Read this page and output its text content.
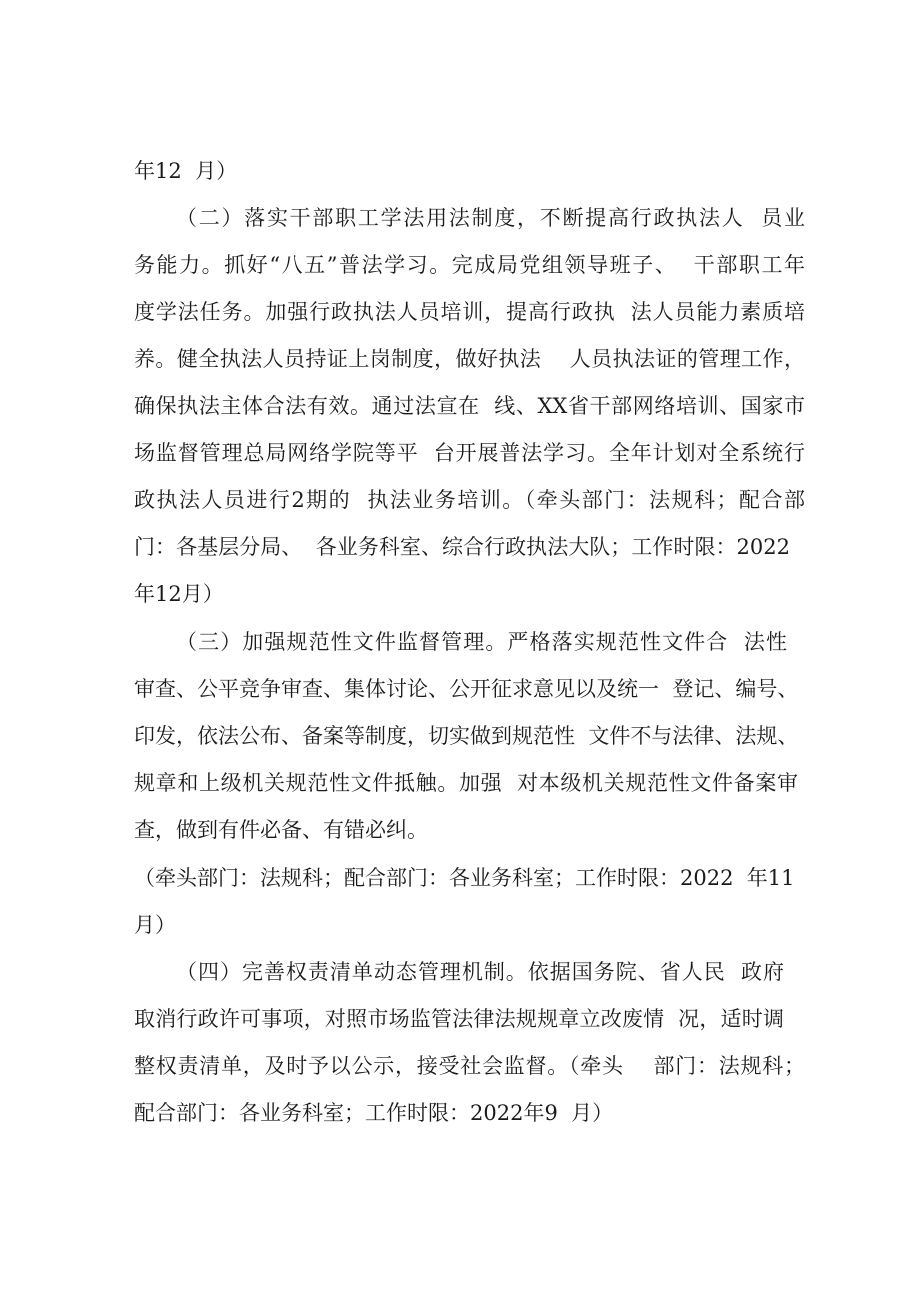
年12  月）
（二）落实干部职工学法用法制度，不断提高行政执法人  员业
务能力。抓好“八五”普法学习。完成局党组领导班子、  干部职工年
度学法任务。加强行政执法人员培训，提高行政执  法人员能力素质培
养。健全执法人员持证上岗制度，做好执法    人员执法证的管理工作，
确保执法主体合法有效。通过法宣在  线、XX省干部网络培训、国家市
场监督管理总局网络学院等平  台开展普法学习。全年计划对全系统行
政执法人员进行2期的  执法业务培训。（牵头部门：法规科；配合部
门：各基层分局、  各业务科室、综合行政执法大队；工作时限：2022
年12月）
（三）加强规范性文件监督管理。严格落实规范性文件合  法性
审查、公平竞争审查、集体讨论、公开征求意见以及统一  登记、编号、
印发，依法公布、备案等制度，切实做到规范性  文件不与法律、法规、
规章和上级机关规范性文件抵触。加强  对本级机关规范性文件备案审
查，做到有件必备、有错必纠。
（牵头部门：法规科；配合部门：各业务科室；工作时限：2022  年11
月）
（四）完善权责清单动态管理机制。依据国务院、省人民  政府
取消行政许可事项，对照市场监管法律法规规章立改废情  况，适时调
整权责清单，及时予以公示，接受社会监督。（牵头    部门：法规科；
配合部门：各业务科室；工作时限：2022年9  月）
